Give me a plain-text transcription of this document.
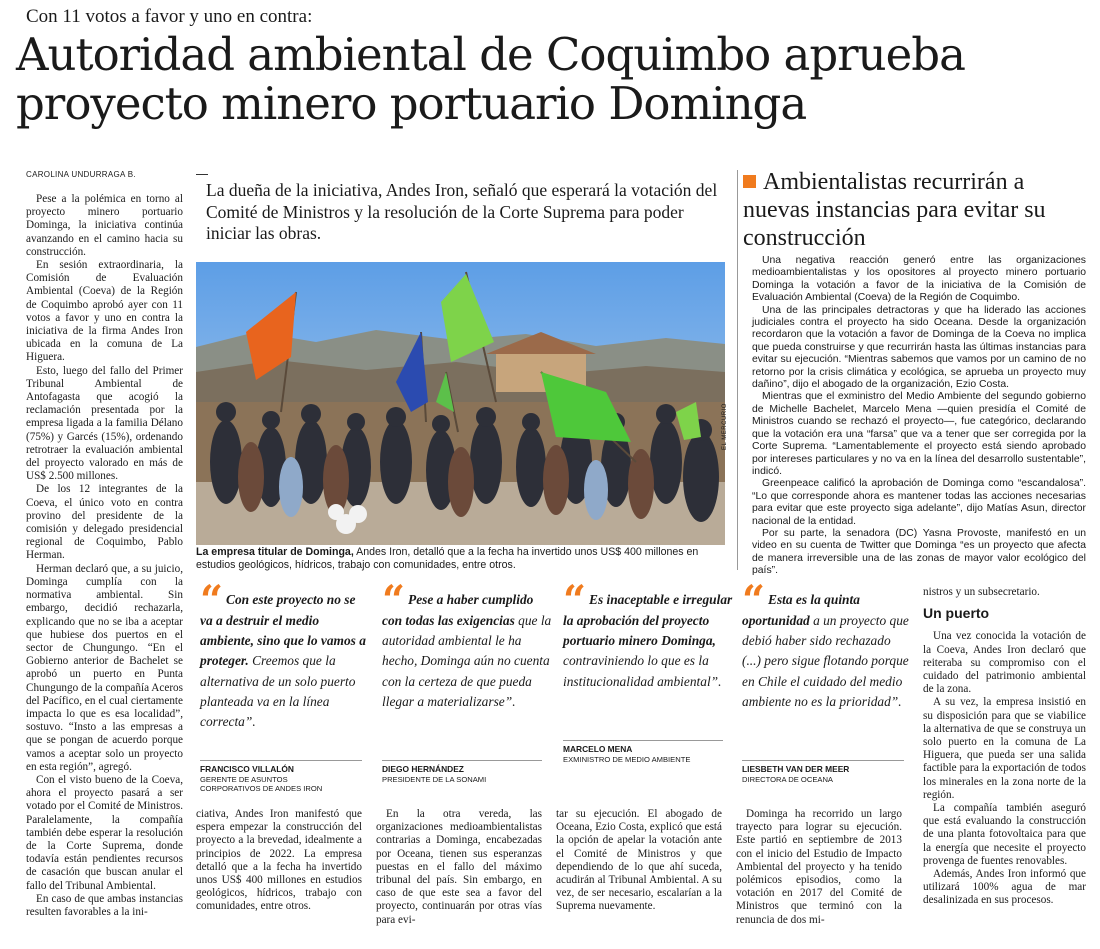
Con 11 votos a favor y uno en contra:
Autoridad ambiental de Coquimbo aprueba
proyecto minero portuario Dominga
CAROLINA UNDURRAGA B.

Pese a la polémica en torno al proyecto minero portuario Dominga, la iniciativa continúa avanzando en el camino hacia su construcción.

En sesión extraordinaria, la Comisión de Evaluación Ambiental (Coeva) de la Región de Coquimbo aprobó ayer con 11 votos a favor y uno en contra la iniciativa de la firma Andes Iron ubicada en la comuna de La Higuera.

Esto, luego del fallo del Primer Tribunal Ambiental de Antofagasta que acogió la reclamación presentada por la empresa ligada a la familia Délano (75%) y Garcés (15%), ordenando retrotraer la evaluación ambiental del proyecto valorado en más de US$ 2.500 millones.

De los 12 integrantes de la Coeva, el único voto en contra provino del presidente de la comisión y delegado presidencial regional de Coquimbo, Pablo Herman.

Herman declaró que, a su juicio, Dominga cumplía con la normativa ambiental. Sin embargo, decidió rechazarla, explicando que no se iba a aceptar que hubiese dos puertos en el sector de Chungungo. “En el Gobierno anterior de Bachelet se aprobó un puerto en Punta Chungungo de la compañía Aceros del Pacífico, en el cual ciertamente impacta lo que es esa localidad”, sostuvo. “Insto a las empresas a que se pongan de acuerdo porque vamos a aceptar solo un proyecto en esta región”, agregó.

Con el visto bueno de la Coeva, ahora el proyecto pasará a ser votado por el Comité de Ministros. Paralelamente, la compañía también debe esperar la resolución de la Corte Suprema, donde todavía están pendientes recursos de casación que buscan anular el fallo del Tribunal Ambiental.

En caso de que ambas instancias resulten favorables a la ini-

La dueña de la iniciativa, Andes Iron, señaló que esperará la votación del Comité de Ministros y la resolución de la Corte Suprema para poder iniciar las obras.
EL MERCURIO
La empresa titular de Dominga, Andes Iron, detalló que a la fecha ha invertido unos US$ 400 millones en estudios geológicos, hídricos, trabajo con comunidades, entre otros.
Ambientalistas recurrirán a nuevas instancias para evitar su construcción

Una negativa reacción generó entre las organizaciones medioambientalistas y los opositores al proyecto minero portuario Dominga la votación a favor de la iniciativa de la Comisión de Evaluación Ambiental (Coeva) de la Región de Coquimbo.

Una de las principales detractoras y que ha liderado las acciones judiciales contra el proyecto ha sido Oceana. Desde la organización recordaron que la votación a favor de Dominga de la Coeva no implica que pueda construirse y que recurrirán hasta las últimas instancias para evitar su ejecución. “Mientras sabemos que vamos por un camino de no retorno por la crisis climática y ecológica, se aprueba un proyecto muy dañino”, dijo el abogado de la organización, Ezio Costa.

Mientras que el exministro del Medio Ambiente del segundo gobierno de Michelle Bachelet, Marcelo Mena —quien presidía el Comité de Ministros cuando se rechazó el proyecto—, fue categórico, declarando que la votación era una “farsa” que va a tener que ser corregida por la Corte Suprema. “Lamentablemente el proyecto está siendo aprobado por intereses particulares y no va en la línea del desarrollo sustentable”, indicó.

Greenpeace calificó la aprobación de Dominga como “escandalosa”. “Lo que corresponde ahora es mantener todas las acciones necesarias para evitar que este proyecto siga adelante”, dijo Matías Asun, director nacional de la entidad.

Por su parte, la senadora (DC) Yasna Provoste, manifestó en un video en su cuenta de Twitter que Dominga “es un proyecto que afecta de manera irreversible una de las zonas de mayor valor ecológico del país”.

“ Con este proyecto no se va a destruir el medio ambiente, sino que lo vamos a proteger. Creemos que la alternativa de un solo puerto planteada va en la línea correcta”.
FRANCISCO VILLALÓN
GERENTE DE ASUNTOS CORPORATIVOS DE ANDES IRON
“ Pese a haber cumplido con todas las exigencias que la autoridad ambiental le ha hecho, Dominga aún no cuenta con la certeza de que pueda llegar a materializarse”.
DIEGO HERNÁNDEZ
PRESIDENTE DE LA SONAMI
“ Es inaceptable e irregular la aprobación del proyecto portuario minero Dominga, contraviniendo lo que es la institucionalidad ambiental”.
MARCELO MENA
EXMINISTRO DE MEDIO AMBIENTE
“ Esta es la quinta oportunidad a un proyecto que debió haber sido rechazado (...) pero sigue flotando porque en Chile el cuidado del medio ambiente no es la prioridad”.
LIESBETH VAN DER MEER
DIRECTORA DE OCEANA

ciativa, Andes Iron manifestó que espera empezar la construcción del proyecto a la brevedad, idealmente a principios de 2022. La empresa detalló que a la fecha ha invertido unos US$ 400 millones en estudios geológicos, hídricos, trabajo con comunidades, entre otros.

En la otra vereda, las organizaciones medioambientalistas contrarias a Dominga, encabezadas por Oceana, tienen sus esperanzas puestas en el fallo del máximo tribunal del país. Sin embargo, en caso de que este sea a favor del proyecto, continuarán por otras vías para evi-

tar su ejecución. El abogado de Oceana, Ezio Costa, explicó que está la opción de apelar la votación ante el Comité de Ministros y que dependiendo de lo que ahí suceda, acudirán al Tribunal Ambiental. A su vez, de ser necesario, escalarían a la Suprema nuevamente.

Dominga ha recorrido un largo trayecto para lograr su ejecución. Este partió en septiembre de 2013 con el inicio del Estudio de Impacto Ambiental del proyecto y ha tenido polémicos episodios, como la votación en 2017 del Comité de Ministros que terminó con la renuncia de dos mi-

nistros y un subsecretario.

Un puerto

Una vez conocida la votación de la Coeva, Andes Iron declaró que reiteraba su compromiso con el cuidado del patrimonio ambiental de la zona.

A su vez, la empresa insistió en su disposición para que se viabilice la alternativa de que se construya un solo puerto en la comuna de La Higuera, que pueda ser una salida factible para la exportación de todos los minerales en la zona norte de la región.

La compañía también aseguró que está evaluando la construcción de una planta fotovoltaica para que la energía que necesite el proyecto provenga de fuentes renovables.

Además, Andes Iron informó que utilizará 100% agua de mar desalinizada en sus procesos.
